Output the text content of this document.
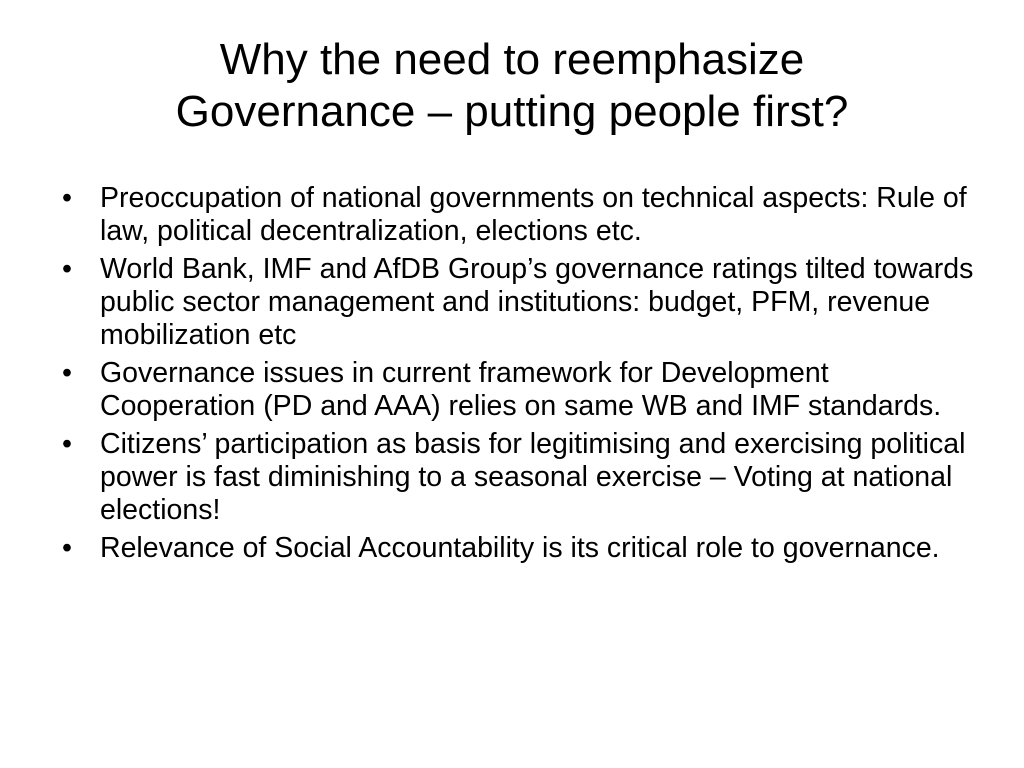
Why the need to reemphasize
Governance – putting people first?
• Preoccupation of national governments on technical aspects: Rule of law, political decentralization, elections etc.
• World Bank, IMF and AfDB Group’s governance ratings tilted towards public sector management and institutions: budget, PFM, revenue mobilization etc
• Governance issues in current framework for Development Cooperation (PD and AAA) relies on same WB and IMF standards.
• Citizens’ participation as basis for legitimising and exercising political power is fast diminishing to a seasonal exercise – Voting at national elections!
• Relevance of Social Accountability is its critical role to governance.
